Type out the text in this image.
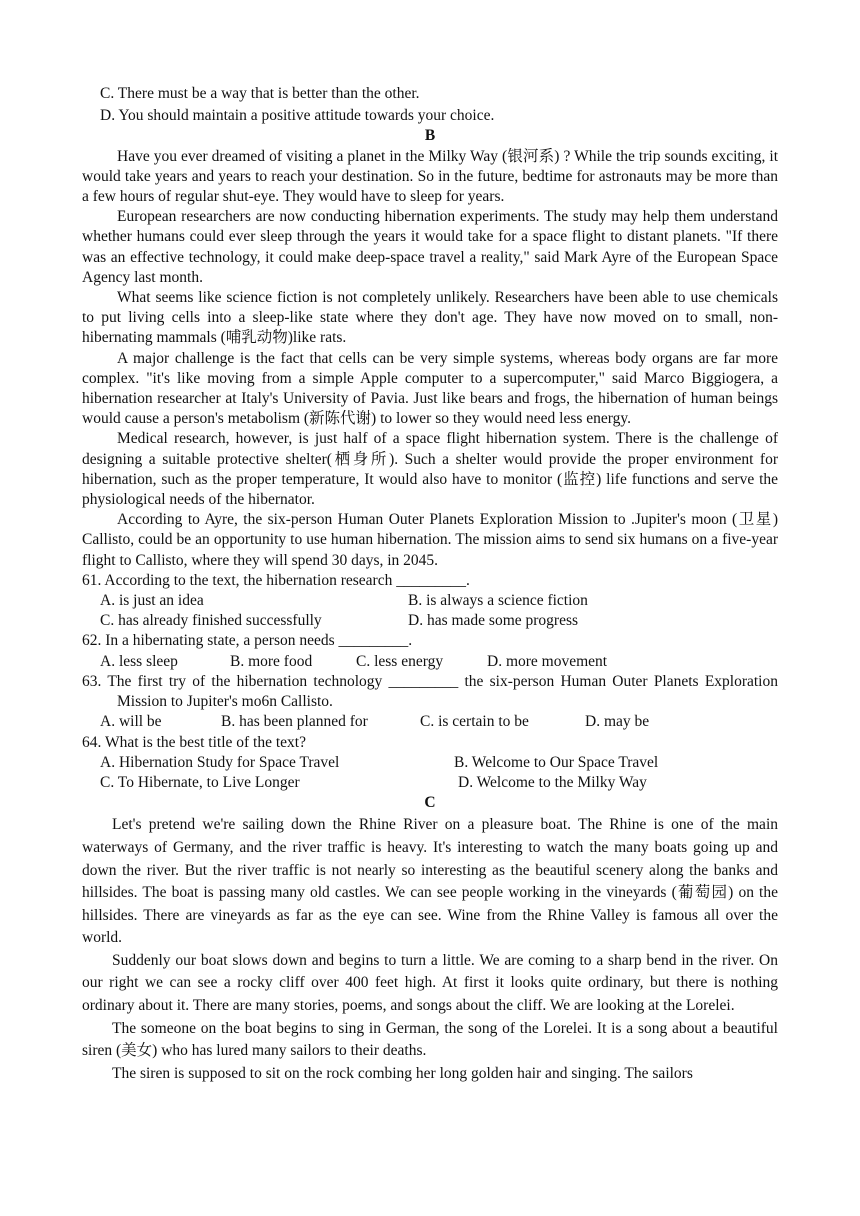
C. There must be a way that is better than the other.

D. You should maintain a positive attitude towards your choice.

B

Have you ever dreamed of visiting a planet in the Milky Way (银河系) ? While the trip sounds exciting, it would take years and years to reach your destination. So in the future, bedtime for astronauts may be more than a few hours of regular shut-eye. They would have to sleep for years.

European researchers are now conducting hibernation experiments. The study may help them understand whether humans could ever sleep through the years it would take for a space flight to distant planets. "If there was an effective technology, it could make deep-space travel a reality," said Mark Ayre of the European Space Agency last month.

What seems like science fiction is not completely unlikely. Researchers have been able to use chemicals to put living cells into a sleep-like state where they don't age. They have now moved on to small, non-hibernating mammals (哺乳动物)like rats.

A major challenge is the fact that cells can be very simple systems, whereas body organs are far more complex. "it's like moving from a simple Apple computer to a supercomputer," said Marco Biggiogera, a hibernation researcher at Italy's University of Pavia. Just like bears and frogs, the hibernation of human beings would cause a person's metabolism (新陈代谢) to lower so they would need less energy.

Medical research, however, is just half of a space flight hibernation system. There is the challenge of designing a suitable protective shelter(栖身所). Such a shelter would provide the proper environment for hibernation, such as the proper temperature, It would also have to monitor (监控) life functions and serve the physiological needs of the hibernator.

According to Ayre, the six-person Human Outer Planets Exploration Mission to .Jupiter's moon (卫星) Callisto, could be an opportunity to use human hibernation. The mission aims to send six humans on a five-year flight to Callisto, where they will spend 30 days, in 2045.

61. According to the text, the hibernation research _________.

A. is just an idea	B. is always a science fiction
C. has already finished successfully	D. has made some progress

62. In a hibernating state, a person needs _________.

A. less sleep	B. more food	C. less energy	D. more movement

63. The first try of the hibernation technology _________ the six-person Human Outer Planets Exploration Mission to Jupiter's mo6n Callisto.

A. will be	B. has been planned for	C. is certain to be	D. may be

64. What is the best title of the text?

A. Hibernation Study for Space Travel	B. Welcome to Our Space Travel
C. To Hibernate, to Live Longer	D. Welcome to the Milky Way

C

Let's pretend we're sailing down the Rhine River on a pleasure boat. The Rhine is one of the main waterways of Germany, and the river traffic is heavy. It's interesting to watch the many boats going up and down the river. But the river traffic is not nearly so interesting as the beautiful scenery along the banks and hillsides. The boat is passing many old castles. We can see people working in the vineyards (葡萄园) on the hillsides. There are vineyards as far as the eye can see. Wine from the Rhine Valley is famous all over the world.

Suddenly our boat slows down and begins to turn a little. We are coming to a sharp bend in the river. On our right we can see a rocky cliff over 400 feet high. At first it looks quite ordinary, but there is nothing ordinary about it. There are many stories, poems, and songs about the cliff. We are looking at the Lorelei.

The someone on the boat begins to sing in German, the song of the Lorelei. It is a song about a beautiful siren (美女) who has lured many sailors to their deaths.

The siren is supposed to sit on the rock combing her long golden hair and singing. The sailors
